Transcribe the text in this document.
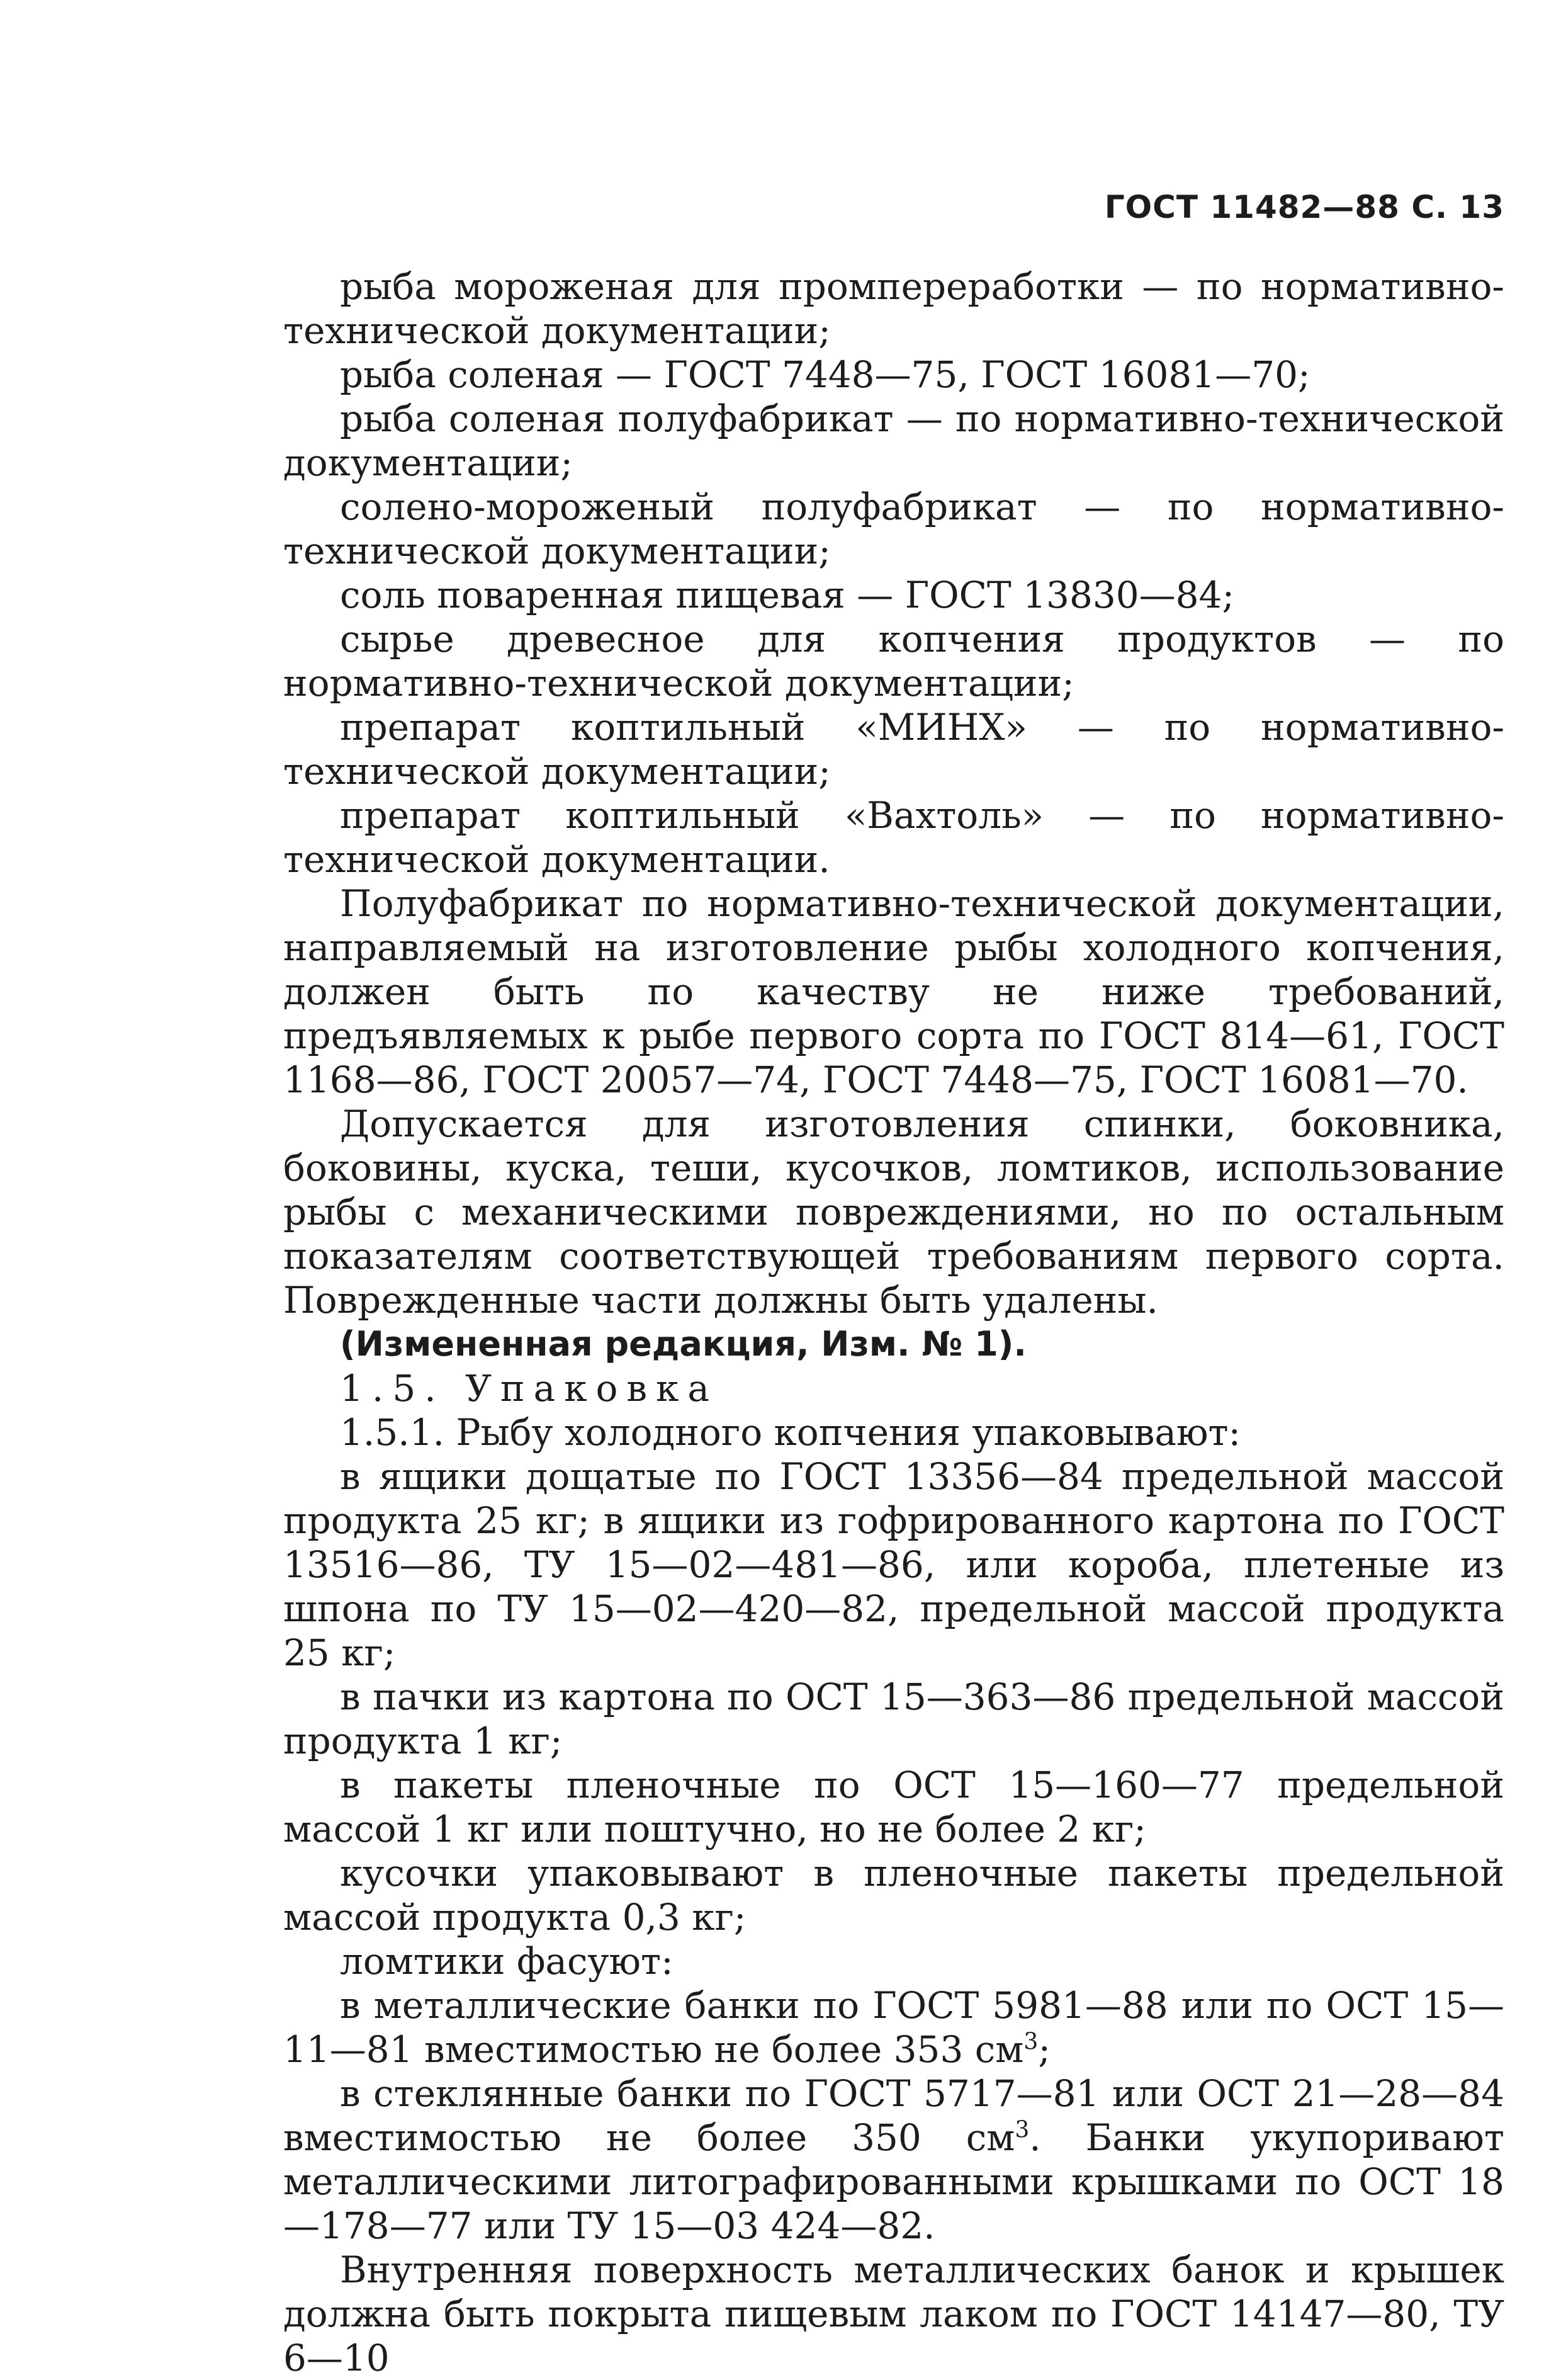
ГОСТ 11482—88 С. 13

рыба мороженая для промпереработки — по нормативно-технической документации;

рыба соленая — ГОСТ 7448—75, ГОСТ 16081—70;

рыба соленая полуфабрикат — по нормативно-технической документации;

солено-мороженый полуфабрикат — по нормативно-технической документации;

соль поваренная пищевая — ГОСТ 13830—84;

сырье древесное для копчения продуктов — по нормативно-технической документации;

препарат коптильный «МИНХ» — по нормативно-технической документации;

препарат коптильный «Вахтоль» — по нормативно-технической документации.

Полуфабрикат по нормативно-технической документации, направляемый на изготовление рыбы холодного копчения, должен быть по качеству не ниже требований, предъявляемых к рыбе первого сорта по ГОСТ 814—61, ГОСТ 1168—86, ГОСТ 20057—74, ГОСТ 7448—75, ГОСТ 16081—70.

Допускается для изготовления спинки, боковника, боковины, куска, теши, кусочков, ломтиков, использование рыбы с механическими повреждениями, но по остальным показателям соответствующей требованиям первого сорта. Поврежденные части должны быть удалены.

(Измененная редакция, Изм. № 1).

1.5. Упаковка

1.5.1. Рыбу холодного копчения упаковывают:

в ящики дощатые по ГОСТ 13356—84 предельной массой продукта 25 кг; в ящики из гофрированного картона по ГОСТ 13516—86, ТУ 15—02—481—86, или короба, плетеные из шпона по ТУ 15—02—420—82, предельной массой продукта 25 кг;

в пачки из картона по ОСТ 15—363—86 предельной массой продукта 1 кг;

в пакеты пленочные по ОСТ 15—160—77 предельной массой 1 кг или поштучно, но не более 2 кг;

кусочки упаковывают в пленочные пакеты предельной массой продукта 0,3 кг;

ломтики фасуют:

в металлические банки по ГОСТ 5981—88 или по ОСТ 15—11—81 вместимостью не более 353 $см^3$;

в стеклянные банки по ГОСТ 5717—81 или ОСТ 21—28—84 вместимостью не более 350 $см^3$. Банки укупоривают металлическими литографированными крышками по ОСТ 18—178—77 или ТУ 15—03 424—82.

Внутренняя поверхность металлических банок и крышек должна быть покрыта пищевым лаком по ГОСТ 14147—80, ТУ 6—10
